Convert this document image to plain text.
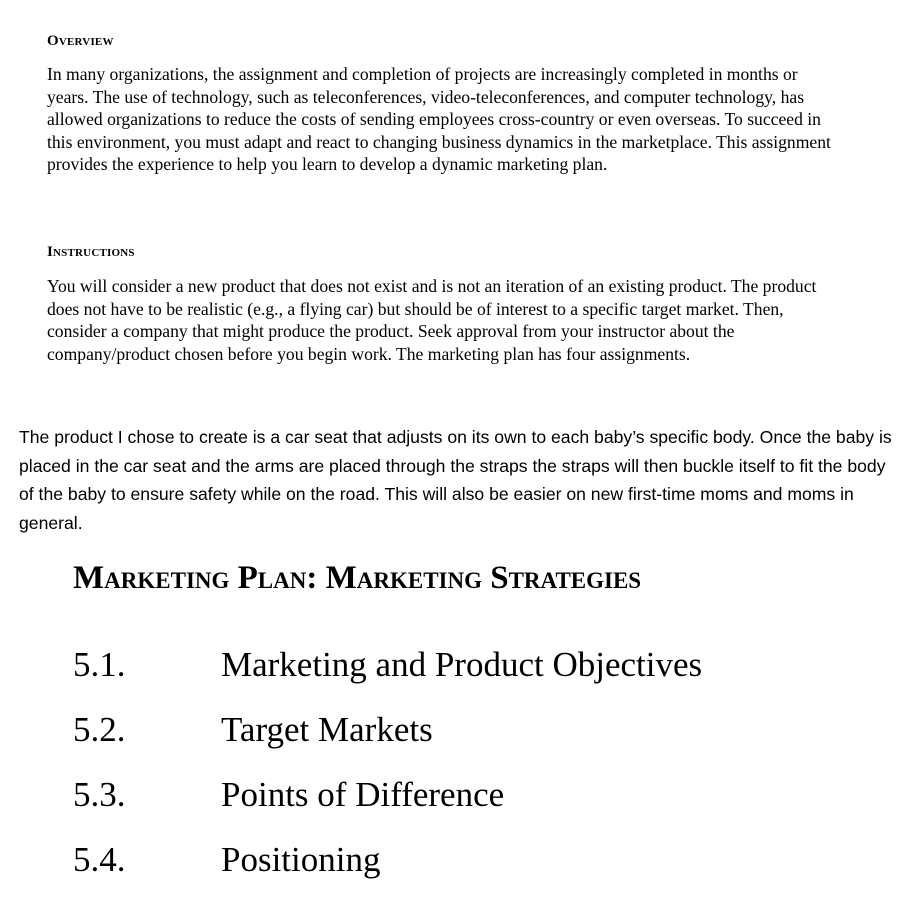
Overview

In many organizations, the assignment and completion of projects are increasingly completed in months or years. The use of technology, such as teleconferences, video-teleconferences, and computer technology, has allowed organizations to reduce the costs of sending employees cross-country or even overseas. To succeed in this environment, you must adapt and react to changing business dynamics in the marketplace. This assignment provides the experience to help you learn to develop a dynamic marketing plan.

Instructions

You will consider a new product that does not exist and is not an iteration of an existing product. The product does not have to be realistic (e.g., a flying car) but should be of interest to a specific target market. Then, consider a company that might produce the product. Seek approval from your instructor about the company/product chosen before you begin work. The marketing plan has four assignments.

The product I chose to create is a car seat that adjusts on its own to each baby’s specific body. Once the baby is placed in the car seat and the arms are placed through the straps the straps will then buckle itself to fit the body of the baby to ensure safety while on the road. This will also be easier on new first-time moms and moms in general.

Marketing Plan: Marketing Strategies
5.1.	Marketing and Product Objectives
5.2.	Target Markets
5.3.	Points of Difference
5.4.	Positioning
